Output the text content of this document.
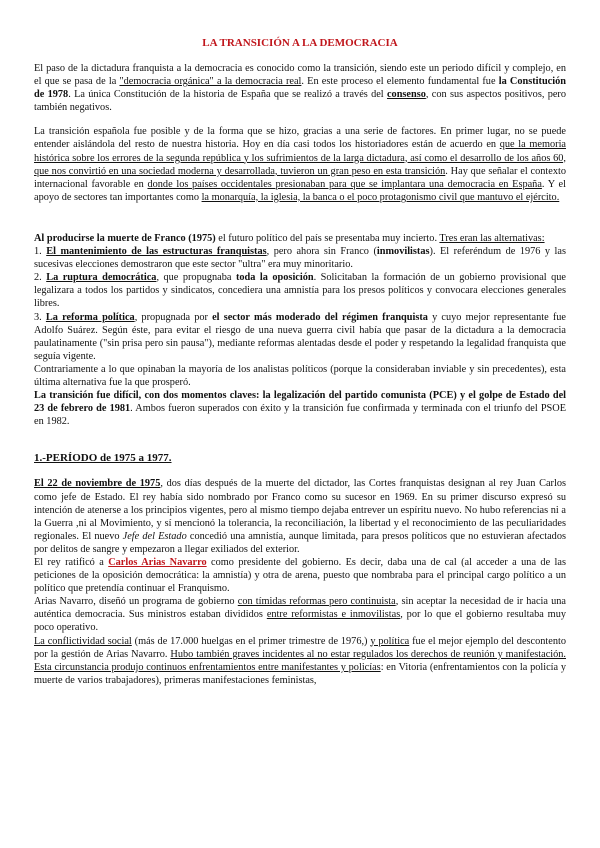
LA TRANSICIÓN A LA DEMOCRACIA

El paso de la dictadura franquista a la democracia es conocido como la transición, siendo este un periodo difícil y complejo, en el que se pasa de la "democracia orgánica" a la democracia real. En este proceso el elemento fundamental fue la Constitución de 1978. La única Constitución de la historia de España que se realizó a través del consenso, con sus aspectos positivos, pero también negativos.

La transición española fue posible y de la forma que se hizo, gracias a una serie de factores. En primer lugar, no se puede entender aislándola del resto de nuestra historia. Hoy en día casi todos los historiadores están de acuerdo en que la memoria histórica sobre los errores de la segunda república y los sufrimientos de la larga dictadura, así como el desarrollo de los años 60, que nos convirtió en una sociedad moderna y desarrollada, tuvieron un gran peso en esta transición. Hay que señalar el contexto internacional favorable en donde los países occidentales presionaban para que se implantara una democracia en España. Y el apoyo de sectores tan importantes como la monarquía, la iglesia, la banca o el poco protagonismo civil que mantuvo el ejército.

Al producirse la muerte de Franco (1975) el futuro político del país se presentaba muy incierto. Tres eran las alternativas:

1. El mantenimiento de las estructuras franquistas, pero ahora sin Franco (inmovilistas). El referéndum de 1976 y las sucesivas elecciones demostraron que este sector "ultra" era muy minoritario.

2. La ruptura democrática, que propugnaba toda la oposición. Solicitaban la formación de un gobierno provisional que legalizara a todos los partidos y sindicatos, concediera una amnistía para los presos políticos y convocara elecciones generales libres.

3. La reforma política, propugnada por el sector más moderado del régimen franquista y cuyo mejor representante fue Adolfo Suárez. Según éste, para evitar el riesgo de una nueva guerra civil había que pasar de la dictadura a la democracia paulatinamente ("sin prisa pero sin pausa"), mediante reformas alentadas desde el poder y respetando la legalidad franquista que seguía vigente.

Contrariamente a lo que opinaban la mayoría de los analistas políticos (porque la consideraban inviable y sin precedentes), esta última alternativa fue la que prosperó.

La transición fue difícil, con dos momentos claves: la legalización del partido comunista (PCE) y el golpe de Estado del 23 de febrero de 1981. Ambos fueron superados con éxito y la transición fue confirmada y terminada con el triunfo del PSOE en 1982.

1.-PERÍODO de 1975 a 1977.

El 22 de noviembre de 1975, dos días después de la muerte del dictador, las Cortes franquistas designan al rey Juan Carlos como jefe de Estado. El rey había sido nombrado por Franco como su sucesor en 1969. En su primer discurso expresó su intención de atenerse a los principios vigentes, pero al mismo tiempo dejaba entrever un espíritu nuevo. No hubo referencias ni a la Guerra ,ni al Movimiento, y sí mencionó la tolerancia, la reconciliación, la libertad y el reconocimiento de las peculiaridades regionales. El nuevo Jefe del Estado concedió una amnistía, aunque limitada, para presos políticos que no estuvieran afectados por delitos de sangre y empezaron a llegar exiliados del exterior.

El rey ratificó a Carlos Arias Navarro como presidente del gobierno. Es decir, daba una de cal (al acceder a una de las peticiones de la oposición democrática: la amnistía) y otra de arena, puesto que nombraba para el principal cargo político a un político que pretendía continuar el Franquismo.

Arias Navarro, diseñó un programa de gobierno con tímidas reformas pero continuista, sin aceptar la necesidad de ir hacia una auténtica democracia. Sus ministros estaban divididos entre reformistas e inmovilistas, por lo que el gobierno resultaba muy poco operativo.

La conflictividad social (más de 17.000 huelgas en el primer trimestre de 1976,) y política fue el mejor ejemplo del descontento por la gestión de Arias Navarro. Hubo también graves incidentes al no estar regulados los derechos de reunión y manifestación. Esta circunstancia produjo continuos enfrentamientos entre manifestantes y policías: en Vitoria (enfrentamientos con la policía y muerte de varios trabajadores), primeras manifestaciones feministas,
